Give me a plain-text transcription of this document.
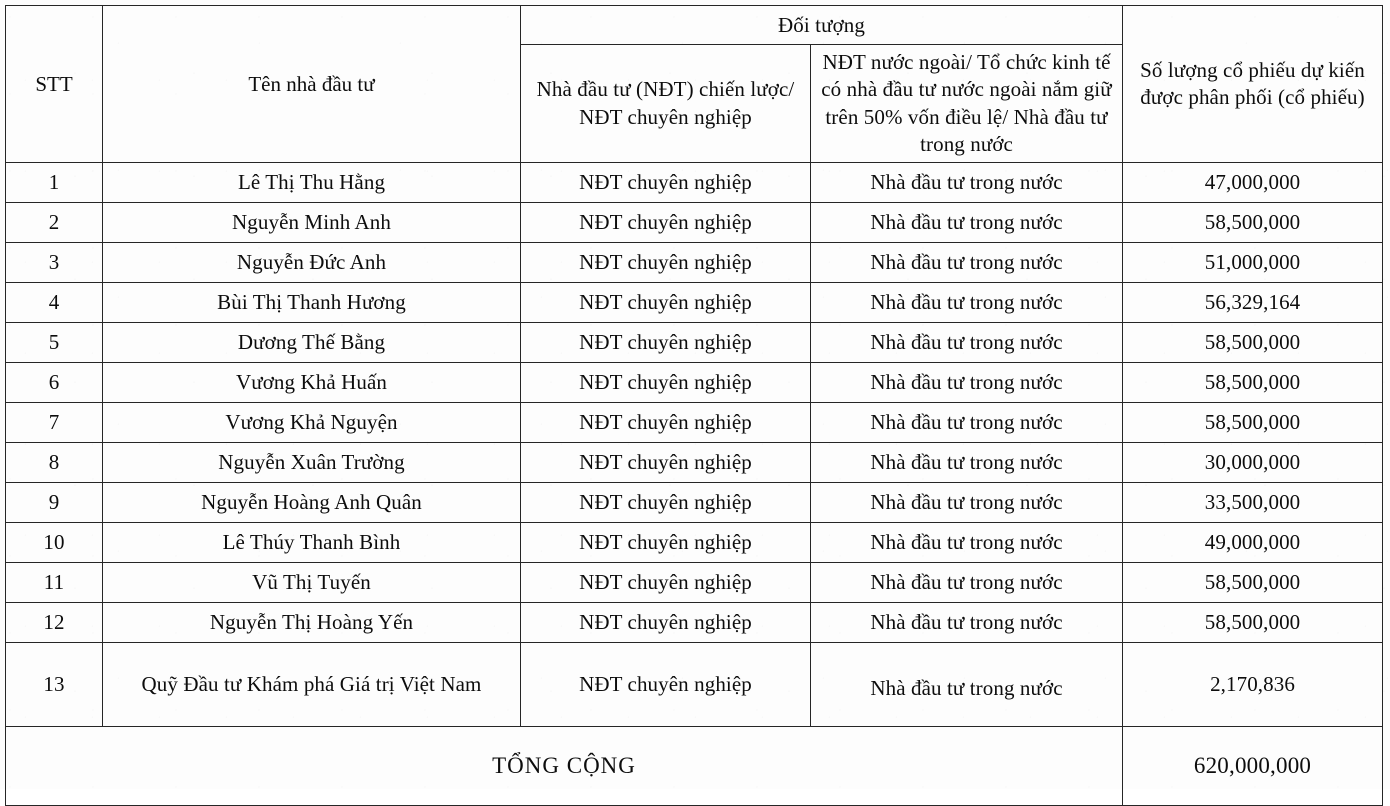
STT	Tên nhà đầu tư	Đối tượng		Số lượng cổ phiếu dự kiến được phân phối (cổ phiếu)
		Nhà đầu tư (NĐT) chiến lược/ NĐT chuyên nghiệp	NĐT nước ngoài/ Tổ chức kinh tế có nhà đầu tư nước ngoài nắm giữ trên 50% vốn điều lệ/ Nhà đầu tư trong nước	
1	Lê Thị Thu Hằng	NĐT chuyên nghiệp	Nhà đầu tư trong nước	47,000,000
2	Nguyễn Minh Anh	NĐT chuyên nghiệp	Nhà đầu tư trong nước	58,500,000
3	Nguyễn Đức Anh	NĐT chuyên nghiệp	Nhà đầu tư trong nước	51,000,000
4	Bùi Thị Thanh Hương	NĐT chuyên nghiệp	Nhà đầu tư trong nước	56,329,164
5	Dương Thế Bằng	NĐT chuyên nghiệp	Nhà đầu tư trong nước	58,500,000
6	Vương Khả Huấn	NĐT chuyên nghiệp	Nhà đầu tư trong nước	58,500,000
7	Vương Khả Nguyện	NĐT chuyên nghiệp	Nhà đầu tư trong nước	58,500,000
8	Nguyễn Xuân Trường	NĐT chuyên nghiệp	Nhà đầu tư trong nước	30,000,000
9	Nguyễn Hoàng Anh Quân	NĐT chuyên nghiệp	Nhà đầu tư trong nước	33,500,000
10	Lê Thúy Thanh Bình	NĐT chuyên nghiệp	Nhà đầu tư trong nước	49,000,000
11	Vũ Thị Tuyến	NĐT chuyên nghiệp	Nhà đầu tư trong nước	58,500,000
12	Nguyễn Thị Hoàng Yến	NĐT chuyên nghiệp	Nhà đầu tư trong nước	58,500,000
13	Quỹ Đầu tư Khám phá Giá trị Việt Nam	NĐT chuyên nghiệp	Nhà đầu tư trong nước	2,170,836
TỔNG CỘNG				620,000,000
